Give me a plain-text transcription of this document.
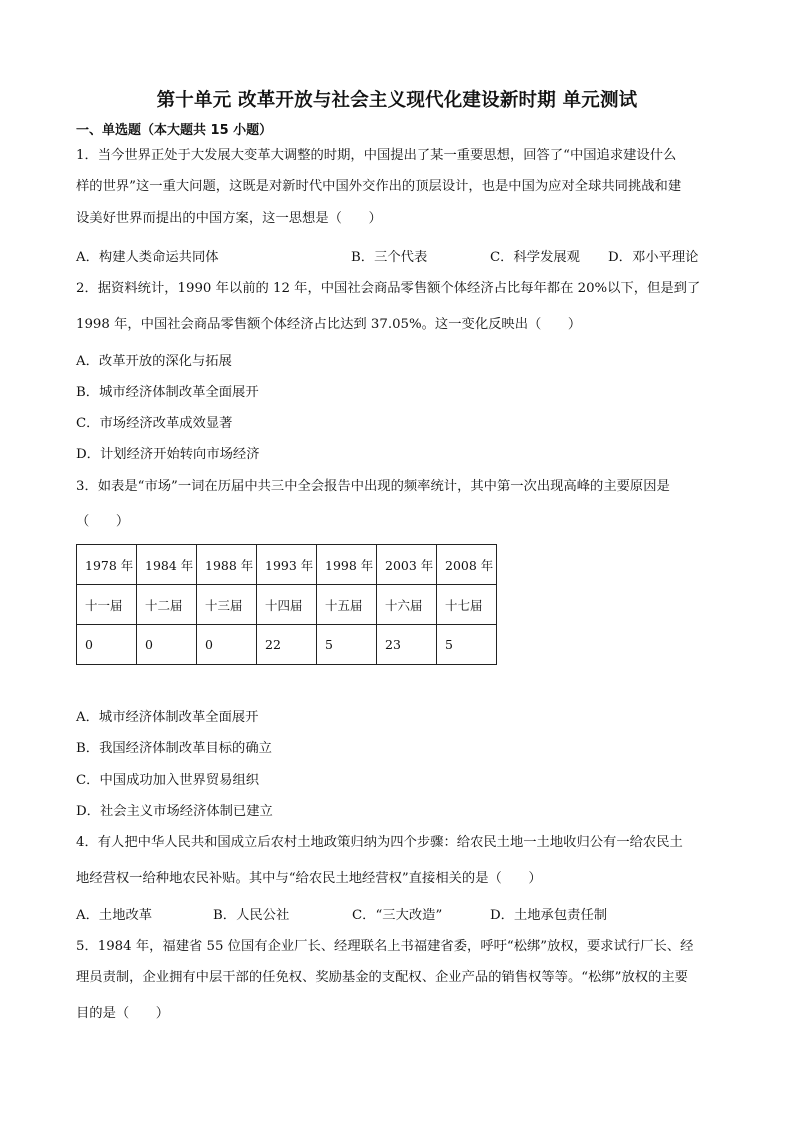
第十单元 改革开放与社会主义现代化建设新时期 单元测试
一、单选题（本大题共 15 小题）
1．当今世界正处于大发展大变革大调整的时期，中国提出了某一重要思想，回答了“中国追求建设什么
样的世界”这一重大问题，这既是对新时代中国外交作出的顶层设计，也是中国为应对全球共同挑战和建
设美好世界而提出的中国方案，这一思想是（　　）
A．构建人类命运共同体	B．三个代表	C．科学发展观 D．邓小平理论
2．据资料统计，1990 年以前的 12 年，中国社会商品零售额个体经济占比每年都在 20%以下，但是到了
1998 年，中国社会商品零售额个体经济占比达到 37.05%。这一变化反映出（　　）
A．改革开放的深化与拓展
B．城市经济体制改革全面展开
C．市场经济改革成效显著
D．计划经济开始转向市场经济
3．如表是“市场”一词在历届中共三中全会报告中出现的频率统计，其中第一次出现高峰的主要原因是
（　　）
1978 年	1984 年	1988 年	1993 年	1998 年	2003 年	2008 年
十一届	十二届	十三届	十四届	十五届	十六届	十七届
0	0	0	22	5	23	5
A．城市经济体制改革全面展开
B．我国经济体制改革目标的确立
C．中国成功加入世界贸易组织
D．社会主义市场经济体制已建立
4．有人把中华人民共和国成立后农村土地政策归纳为四个步骤：给农民土地一土地收归公有一给农民土
地经营权一给种地农民补贴。其中与“给农民土地经营权”直接相关的是（　　）
A．土地改革	B．人民公社	C．“三大改造”	D．土地承包责任制
5．1984 年，福建省 55 位国有企业厂长、经理联名上书福建省委，呼吁“松绑”放权，要求试行厂长、经
理员责制，企业拥有中层干部的任免权、奖励基金的支配权、企业产品的销售权等等。“松绑”放权的主要
目的是（　　）
